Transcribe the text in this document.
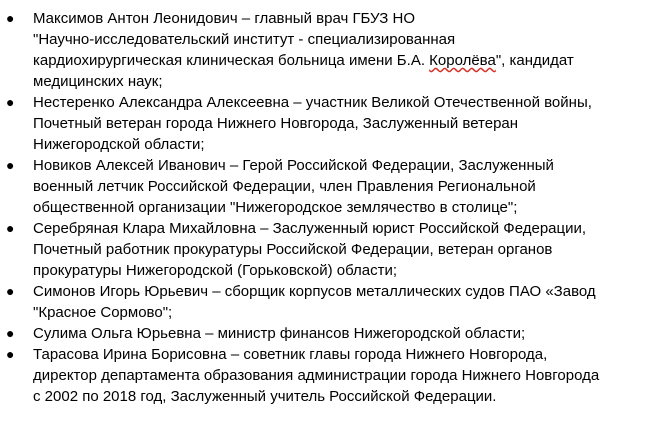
● Максимов Антон Леонидович – главный врач ГБУЗ НО
"Научно-исследовательский институт - специализированная
кардиохирургическая клиническая больница имени Б.А. Королёва", кандидат
медицинских наук;
● Нестеренко Александра Алексеевна – участник Великой Отечественной войны,
Почетный ветеран города Нижнего Новгорода, Заслуженный ветеран
Нижегородской области;
● Новиков Алексей Иванович – Герой Российской Федерации, Заслуженный
военный летчик Российской Федерации, член Правления Региональной
общественной организации "Нижегородское землячество в столице";
● Серебряная Клара Михайловна – Заслуженный юрист Российской Федерации,
Почетный работник прокуратуры Российской Федерации, ветеран органов
прокуратуры Нижегородской (Горьковской) области;
● Симонов Игорь Юрьевич – сборщик корпусов металлических судов ПАО «Завод
"Красное Сормово";
● Сулима Ольга Юрьевна – министр финансов Нижегородской области;
● Тарасова Ирина Борисовна – советник главы города Нижнего Новгорода,
директор департамента образования администрации города Нижнего Новгорода
с 2002 по 2018 год, Заслуженный учитель Российской Федерации.
